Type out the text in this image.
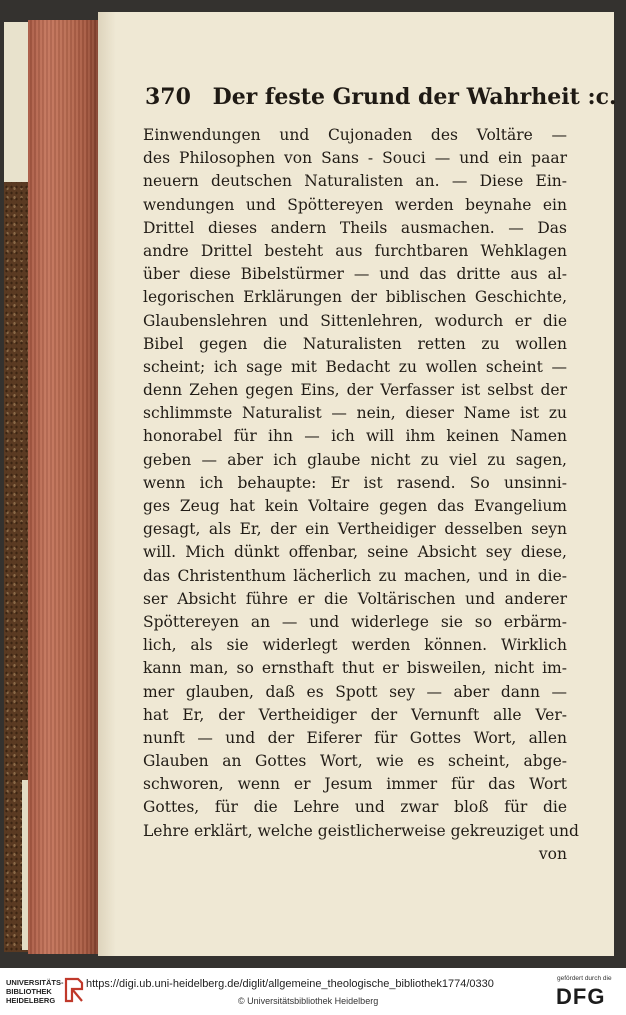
370 Der feste Grund der Wahrheit :c.
Einwendungen und Cujonaden des Voltäre —
des Philosophen von Sans - Souci — und ein paar
neuern deutschen Naturalisten an. — Diese Ein-
wendungen und Spöttereyen werden beynahe ein
Drittel dieses andern Theils ausmachen. — Das
andre Drittel besteht aus furchtbaren Wehklagen
über diese Bibelstürmer — und das dritte aus al-
legorischen Erklärungen der biblischen Geschichte,
Glaubenslehren und Sittenlehren, wodurch er die
Bibel gegen die Naturalisten retten zu wollen
scheint; ich sage mit Bedacht zu wollen scheint —
denn Zehen gegen Eins, der Verfasser ist selbst der
schlimmste Naturalist — nein, dieser Name ist zu
honorabel für ihn — ich will ihm keinen Namen
geben — aber ich glaube nicht zu viel zu sagen,
wenn ich behaupte: Er ist rasend. So unsinni-
ges Zeug hat kein Voltaire gegen das Evangelium
gesagt, als Er, der ein Vertheidiger desselben seyn
will. Mich dünkt offenbar, seine Absicht sey diese,
das Christenthum lächerlich zu machen, und in die-
ser Absicht führe er die Voltärischen und anderer
Spöttereyen an — und widerlege sie so erbärm-
lich, als sie widerlegt werden können. Wirklich
kann man, so ernsthaft thut er bisweilen, nicht im-
mer glauben, daß es Spott sey — aber dann —
hat Er, der Vertheidiger der Vernunft alle Ver-
nunft — und der Eiferer für Gottes Wort, allen
Glauben an Gottes Wort, wie es scheint, abge-
schworen, wenn er Jesum immer für das Wort
Gottes, für die Lehre und zwar bloß für die
Lehre erklärt, welche geistlicherweise gekreuziget und
von
UNIVERSITÄTS- BIBLIOTHEK HEIDELBERG
https://digi.ub.uni-heidelberg.de/diglit/allgemeine_theologische_bibliothek1774/0330
© Universitätsbibliothek Heidelberg
gefördert durch die
DFG
